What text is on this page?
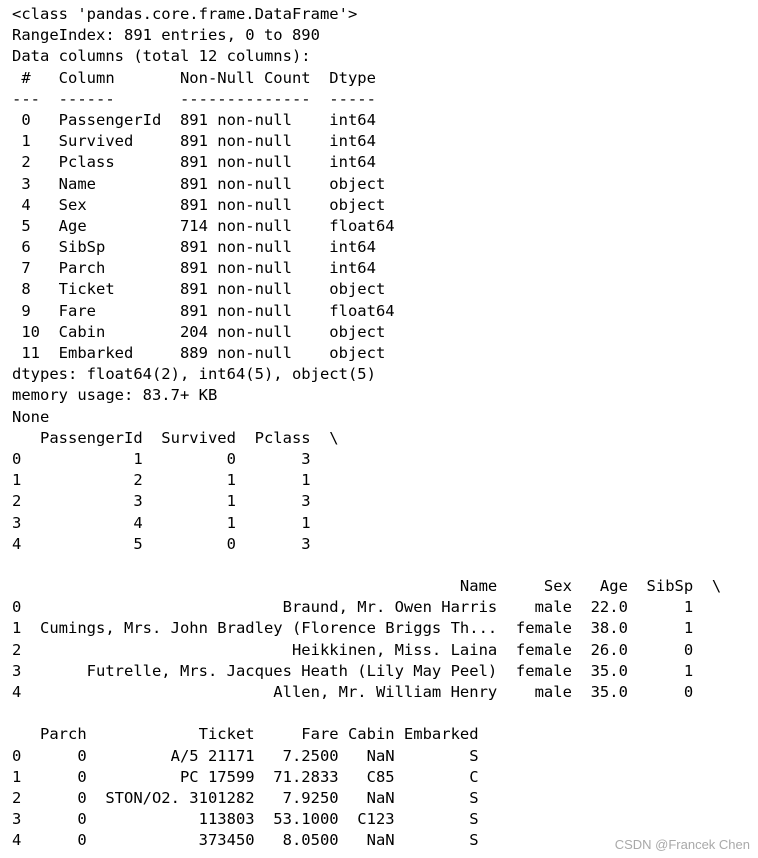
<class 'pandas.core.frame.DataFrame'>
RangeIndex: 891 entries, 0 to 890
Data columns (total 12 columns):
#   Column       Non-Null Count  Dtype
---  ------       --------------  -----
0   PassengerId  891 non-null    int64
1   Survived     891 non-null    int64
2   Pclass       891 non-null    int64
3   Name         891 non-null    object
4   Sex          891 non-null    object
5   Age          714 non-null    float64
6   SibSp        891 non-null    int64
7   Parch        891 non-null    int64
8   Ticket       891 non-null    object
9   Fare         891 non-null    float64
10  Cabin        204 non-null    object
11  Embarked     889 non-null    object
dtypes: float64(2), int64(5), object(5)
memory usage: 83.7+ KB
None
PassengerId  Survived  Pclass  \
0            1         0       3
1            2         1       1
2            3         1       3
3            4         1       1
4            5         0       3
Name     Sex   Age  SibSp  \
0                            Braund, Mr. Owen Harris    male  22.0      1
1  Cumings, Mrs. John Bradley (Florence Briggs Th...  female  38.0      1
2                             Heikkinen, Miss. Laina  female  26.0      0
3       Futrelle, Mrs. Jacques Heath (Lily May Peel)  female  35.0      1
4                           Allen, Mr. William Henry    male  35.0      0
Parch            Ticket     Fare Cabin Embarked
0      0         A/5 21171   7.2500   NaN        S
1      0          PC 17599  71.2833   C85        C
2      0  STON/O2. 3101282   7.9250   NaN        S
3      0            113803  53.1000  C123        S
4      0            373450   8.0500   NaN        S	CSDN @Francek Chen
